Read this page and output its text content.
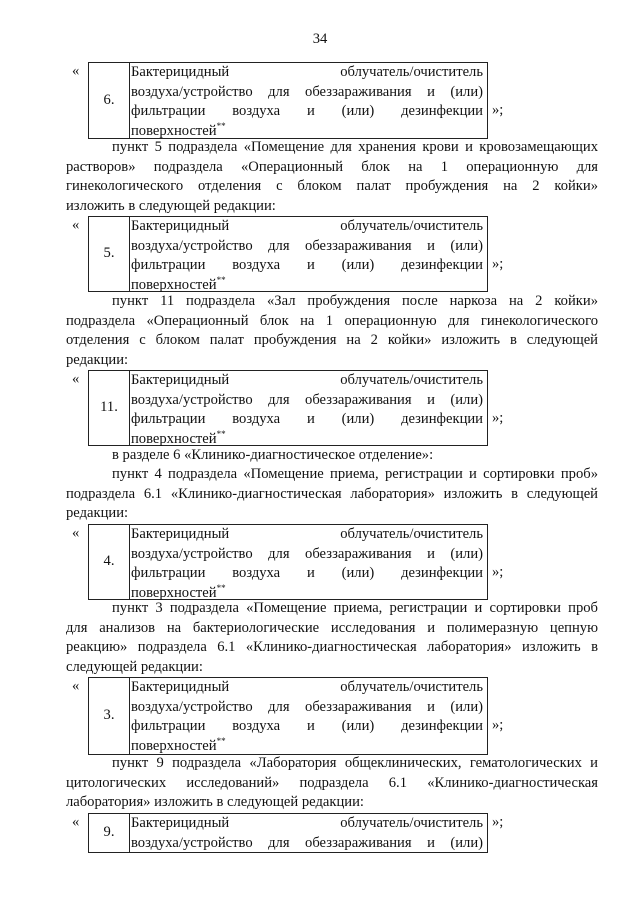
34
«
6.
Бактерицидный облучатель/очиститель
воздуха/устройство для обеззараживания и (или)
фильтрации воздуха и (или) дезинфекции
поверхностей**
»;
пункт 5 подраздела «Помещение для хранения крови и кровозамещающих
растворов» подраздела «Операционный блок на 1 операционную для
гинекологического отделения с блоком палат пробуждения на 2 койки»
изложить в следующей редакции:
«
5.
Бактерицидный облучатель/очиститель
воздуха/устройство для обеззараживания и (или)
фильтрации воздуха и (или) дезинфекции
поверхностей**
»;
пункт 11 подраздела «Зал пробуждения после наркоза на 2 койки»
подраздела «Операционный блок на 1 операционную для гинекологического
отделения с блоком палат пробуждения на 2 койки» изложить в следующей
редакции:
«
11.
Бактерицидный облучатель/очиститель
воздуха/устройство для обеззараживания и (или)
фильтрации воздуха и (или) дезинфекции
поверхностей**
»;
в разделе 6 «Клинико-диагностическое отделение»:
пункт 4 подраздела «Помещение приема, регистрации и сортировки проб»
подраздела 6.1 «Клинико-диагностическая лаборатория» изложить в следующей
редакции:
«
4.
Бактерицидный облучатель/очиститель
воздуха/устройство для обеззараживания и (или)
фильтрации воздуха и (или) дезинфекции
поверхностей**
»;
пункт 3 подраздела «Помещение приема, регистрации и сортировки проб
для анализов на бактериологические исследования и полимеразную цепную
реакцию» подраздела 6.1 «Клинико-диагностическая лаборатория» изложить в
следующей редакции:
«
3.
Бактерицидный облучатель/очиститель
воздуха/устройство для обеззараживания и (или)
фильтрации воздуха и (или) дезинфекции
поверхностей**
»;
пункт 9 подраздела «Лаборатория общеклинических, гематологических и
цитологических исследований» подраздела 6.1 «Клинико-диагностическая
лаборатория» изложить в следующей редакции:
«
9.
Бактерицидный облучатель/очиститель
воздуха/устройство для обеззараживания и (или)
»;
